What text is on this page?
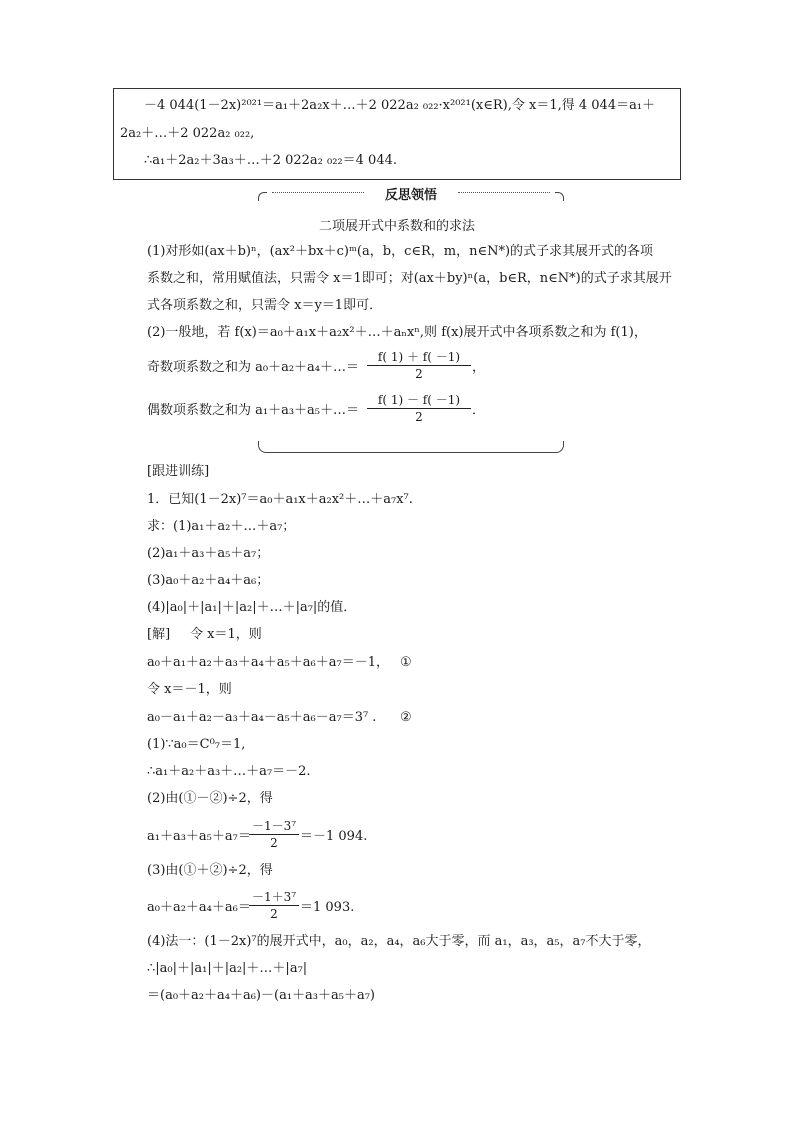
－4 044(1－2x)²⁰²¹＝a₁＋2a₂x＋…＋2 022a₂ ₀₂₂·x²⁰²¹(x∈R),令 x＝1,得 4 044＝a₁＋
2a₂＋…＋2 022a₂ ₀₂₂,
∴a₁＋2a₂＋3a₃＋…＋2 022a₂ ₀₂₂＝4 044.
反思领悟
二项展开式中系数和的求法
(1)对形如(ax＋b)ⁿ，(ax²＋bx＋c)ᵐ(a，b，c∈R，m，n∈N*)的式子求其展开式的各项
系数之和，常用赋值法，只需令 x＝1即可；对(ax＋by)ⁿ(a，b∈R，n∈N*)的式子求其展开
式各项系数之和，只需令 x＝y＝1即可．
(2)一般地，若 f(x)＝a₀＋a₁x＋a₂x²＋…＋aₙxⁿ,则 f(x)展开式中各项系数之和为 f(1)，
奇数项系数之和为 a₀＋a₂＋a₄＋…＝ $\frac{f( 1) + f( -1)}{2}$ ，
偶数项系数之和为 a₁＋a₃＋a₅＋…＝ $\frac{f( 1) - f( -1)}{2}$ ．
[跟进训练]
1．已知(1－2x)⁷＝a₀＋a₁x＋a₂x²＋…＋a₇x⁷.
求：(1)a₁＋a₂＋…＋a₇；
(2)a₁＋a₃＋a₅＋a₇；
(3)a₀＋a₂＋a₄＋a₆；
(4)|a₀|＋|a₁|＋|a₂|＋…＋|a₇|的值．
[解] 令 x＝1，则
a₀＋a₁＋a₂＋a₃＋a₄＋a₅＋a₆＋a₇＝－1， ①
令 x＝－1，则
a₀－a₁＋a₂－a₃＋a₄－a₅＋a₆－a₇＝3⁷ . ②
(1)∵a₀＝C⁰₇＝1,
∴a₁＋a₂＋a₃＋…＋a₇＝－2.
(2)由(①－②)÷2，得
a₁＋a₃＋a₅＋a₇＝
$\frac{\text{－1－3⁷}}{2} =-1$ 094.
(3)由(①＋②)÷2，得
a₀＋a₂＋a₄＋a₆＝
$\frac{\text{－1＋3⁷}}{2} =1$ 093.
(4)法一：(1－2x)⁷的展开式中，a₀，a₂，a₄，a₆大于零，而 a₁，a₃，a₅，a₇不大于零，
∴|a₀|＋|a₁|＋|a₂|＋…＋|a₇|
＝(a₀＋a₂＋a₄＋a₆)－(a₁＋a₃＋a₅＋a₇)
